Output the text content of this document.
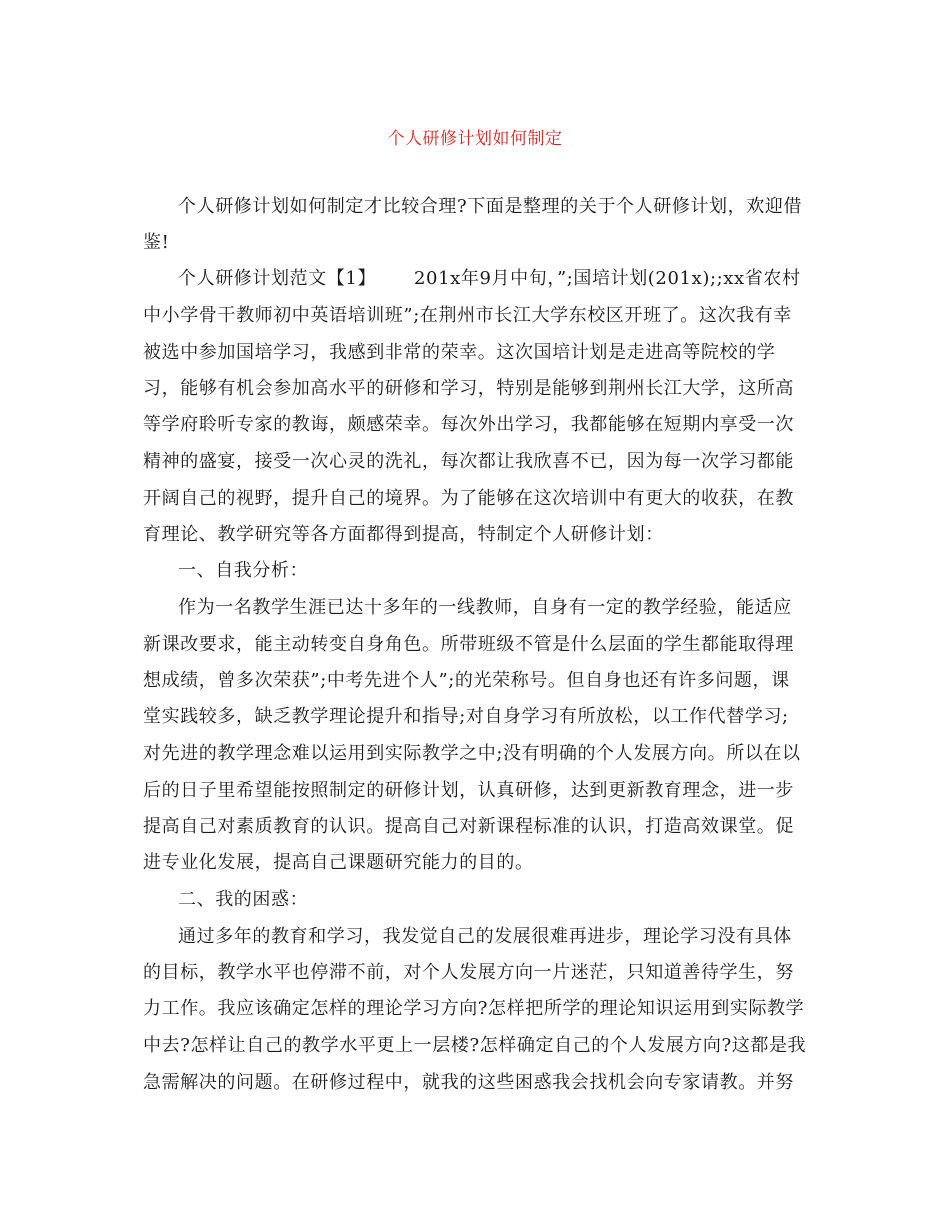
个人研修计划如何制定
个人研修计划如何制定才比较合理?下面是整理的关于个人研修计划，欢迎借
鉴!
个人研修计划范文【1】      201x年9月中旬，”;国培计划(201x);;xx省农村
中小学骨干教师初中英语培训班”;在荆州市长江大学东校区开班了。这次我有幸
被选中参加国培学习，我感到非常的荣幸。这次国培计划是走进高等院校的学
习，能够有机会参加高水平的研修和学习，特别是能够到荆州长江大学，这所高
等学府聆听专家的教诲，颇感荣幸。每次外出学习，我都能够在短期内享受一次
精神的盛宴，接受一次心灵的洗礼，每次都让我欣喜不已，因为每一次学习都能
开阔自己的视野，提升自己的境界。为了能够在这次培训中有更大的收获，在教
育理论、教学研究等各方面都得到提高，特制定个人研修计划：
一、自我分析：
作为一名教学生涯已达十多年的一线教师，自身有一定的教学经验，能适应
新课改要求，能主动转变自身角色。所带班级不管是什么层面的学生都能取得理
想成绩，曾多次荣获”;中考先进个人”;的光荣称号。但自身也还有许多问题，课
堂实践较多，缺乏教学理论提升和指导;对自身学习有所放松，以工作代替学习;
对先进的教学理念难以运用到实际教学之中;没有明确的个人发展方向。所以在以
后的日子里希望能按照制定的研修计划，认真研修，达到更新教育理念，进一步
提高自己对素质教育的认识。提高自己对新课程标准的认识，打造高效课堂。促
进专业化发展，提高自己课题研究能力的目的。
二、我的困惑：
通过多年的教育和学习，我发觉自己的发展很难再进步，理论学习没有具体
的目标，教学水平也停滞不前，对个人发展方向一片迷茫，只知道善待学生，努
力工作。我应该确定怎样的理论学习方向?怎样把所学的理论知识运用到实际教学
中去?怎样让自己的教学水平更上一层楼?怎样确定自己的个人发展方向?这都是我
急需解决的问题。在研修过程中，就我的这些困惑我会找机会向专家请教。并努
